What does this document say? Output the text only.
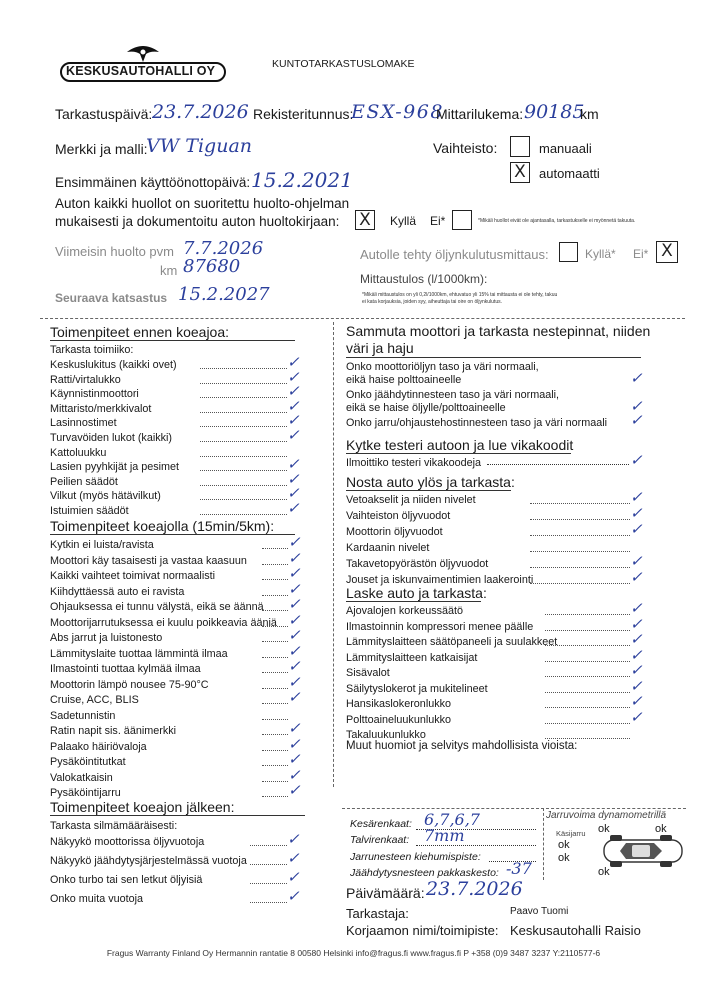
KESKUSAUTOHALLI OY	KUNTOTARKASTUSLOMAKE
Tarkastuspäivä: 23.7.2026 Rekisteritunnus:
ESX-968
Mittarilukema: 90185
km
Merkki ja malli:
VW Tiguan	Vaihteisto:	manuaali
X automaatti
Ensimmäinen käyttöönottopäivä: 15.2.2021
Auton kaikki huollot on suoritettu huolto-ohjelman
mukaisesti ja dokumentoitu auton huoltokirjaan: X Kyllä Ei*	*Mikäli huollot eivät ole ajantasalla, tarkastukselle ei myönnetä takuuta.
Viimeisin huolto pvm 7.7.2026
km 87680
Autolle tehty öljynkulutusmittaus:	Kyllä* Ei* X
Mittaustulos (l/1000km):
*Mikäli mittaustulos on yli 0,2l/1000km, ehtuvatuo yli 15% tai mittausta ei ole tehty, takuu
ei kata korjauksia, joiden syy, aiheuttaja tai oire on öljynkulutus.
Seuraava katsastus 15.2.2027
Toimenpiteet ennen koeajoa:
Tarkasta toimiiko:
Keskuslukitus (kaikki ovet)	✓
Ratti/virtalukko	✓
Käynnistinmoottori	✓
Mittaristo/merkkivalot	✓
Lasinnostimet	✓
Turvavöiden lukot (kaikki)	✓
Kattoluukku
Lasien pyyhkijät ja pesimet	✓
Peilien säädöt	✓
Vilkut (myös hätävilkut)	✓
Istuimien säädöt	✓
Toimenpiteet koeajolla (15min/5km):
Kytkin ei luista/ravista	✓
Moottori käy tasaisesti ja vastaa kaasuun	✓
Kaikki vaihteet toimivat normaalisti	✓
Kiihdyttäessä auto ei ravista	✓
Ohjauksessa ei tunnu välystä, eikä se äännä ✓
Moottorijarrutuksessa ei kuulu poikkeavia ääniä ✓
Abs jarrut ja luistonesto	✓
Lämmityslaite tuottaa lämmintä ilmaa	✓
Ilmastointi tuottaa kylmää ilmaa	✓
Moottorin lämpö nousee 75-90°C	✓
Cruise, ACC, BLIS	✓
Sadetunnistin
Ratin napit sis. äänimerkki	✓
Palaako häiriövaloja	✓
Pysäköintitutkat	✓
Valokatkaisin	✓
Pysäköintijarru	✓
Toimenpiteet koeajon jälkeen:
Tarkasta silmämääräisesti:
Näkyykö moottorissa öljyvuotoja	✓
Näkyykö jäähdytysjärjestelmässä vuotoja	✓
Onko turbo tai sen letkut öljyisiä	✓
Onko muita vuotoja	✓
Sammuta moottori ja tarkasta nestepinnat, niiden
väri ja haju
Onko moottoriöljyn taso ja väri normaali,
eikä haise polttoaineelle	✓
Onko jäähdytinnesteen taso ja väri normaali,
eikä se haise öljylle/polttoaineelle	✓
Onko jarru/ohjaustehostinnesteen taso ja väri normaali ✓
Kytke testeri autoon ja lue vikakoodit
Ilmoittiko testeri vikakoodeja	✓
Nosta auto ylös ja tarkasta:
Vetoakselit ja niiden nivelet	✓
Vaihteiston öljyvuodot	✓
Moottorin öljyvuodot	✓
Kardaanin nivelet
Takavetopyörästön öljyvuodot	✓
Jouset ja iskunvaimentimien laakerointi	✓
Laske auto ja tarkasta:
Ajovalojen korkeussäätö	✓
Ilmastoinnin kompressori menee päälle	✓
Lämmityslaitteen säätöpaneeli ja suulakkeet	✓
Lämmityslaitteen katkaisijat	✓
Sisävalot	✓
Säilytyslokerot ja mukitelineet	✓
Hansikaslokeronlukko	✓
Polttoaineluukunlukko	✓
Takaluukunlukko
Muut huomiot ja selvitys mahdollisista vioista:
Kesärenkaat: 6,7,6,7
Talvirenkaat: 7mm
Jarrunesteen kiehumispiste:
Jäähdytysnesteen pakkaskesto: -37
Jarruvoima dynamometrillä
Käsijarru ok	ok
ok
ok
ok
Päivämäärä: 23.7.2026
Tarkastaja:	Paavo Tuomi
Korjaamon nimi/toimipiste: Keskusautohalli Raisio
Fragus Warranty Finland Oy Hermannin rantatie 8 00580 Helsinki info@fragus.fi www.fragus.fi P +358 (0)9 3487 3237 Y:2110577-6
